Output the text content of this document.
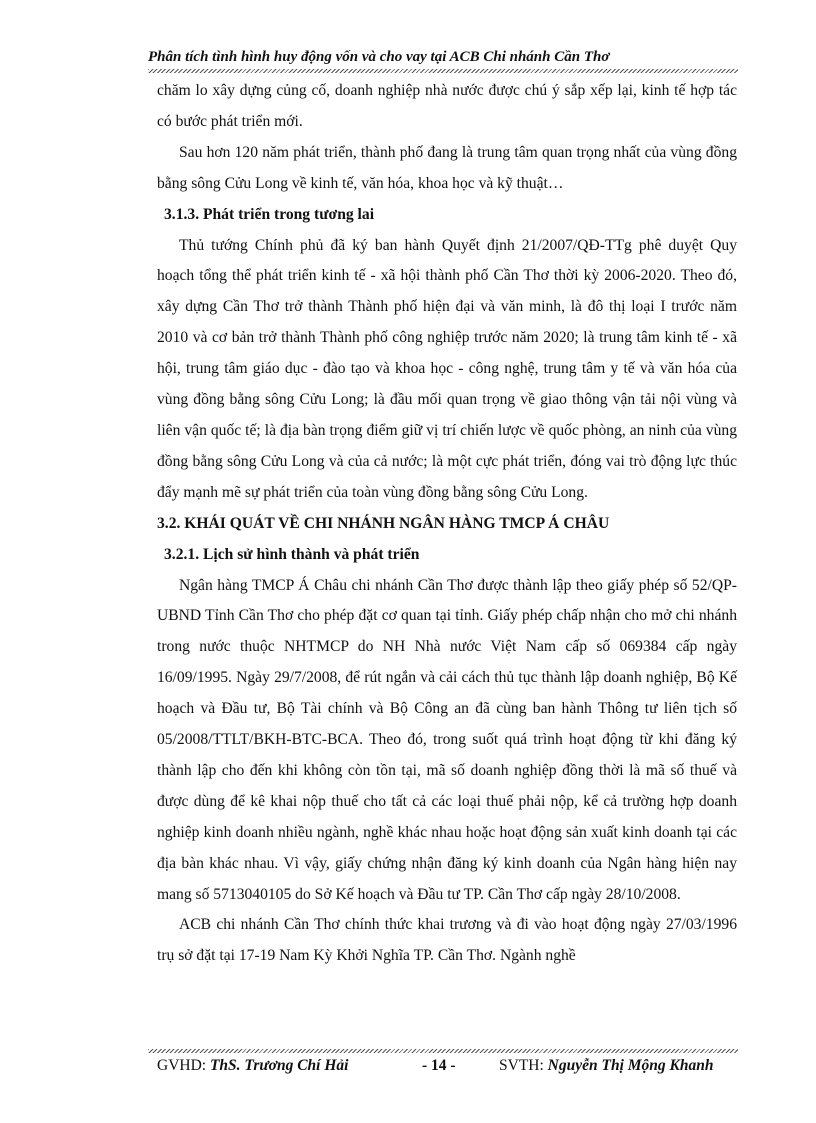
Phân tích tình hình huy động vốn và cho vay tại ACB Chi nhánh Cần Thơ

chăm lo xây dựng củng cố, doanh nghiệp nhà nước được chú ý sắp xếp lại, kinh tế hợp tác có bước phát triển mới.

Sau hơn 120 năm phát triển, thành phố đang là trung tâm quan trọng nhất của vùng đồng bằng sông Cửu Long về kinh tế, văn hóa, khoa học và kỹ thuật…

3.1.3. Phát triển trong tương lai

Thủ tướng Chính phủ đã ký ban hành Quyết định 21/2007/QĐ-TTg phê duyệt Quy hoạch tổng thể phát triển kinh tế - xã hội thành phố Cần Thơ thời kỳ 2006-2020. Theo đó, xây dựng Cần Thơ trở thành Thành phố hiện đại và văn minh, là đô thị loại I trước năm 2010 và cơ bản trở thành Thành phố công nghiệp trước năm 2020; là trung tâm kinh tế - xã hội, trung tâm giáo dục - đào tạo và khoa học - công nghệ, trung tâm y tế và văn hóa của vùng đồng bằng sông Cửu Long; là đầu mối quan trọng về giao thông vận tải nội vùng và liên vận quốc tế; là địa bàn trọng điểm giữ vị trí chiến lược về quốc phòng, an ninh của vùng đồng bằng sông Cửu Long và của cả nước; là một cực phát triển, đóng vai trò động lực thúc đẩy mạnh mẽ sự phát triển của toàn vùng đồng bằng sông Cửu Long.

3.2. KHÁI QUÁT VỀ CHI NHÁNH NGÂN HÀNG TMCP Á CHÂU

3.2.1. Lịch sử hình thành và phát triển

Ngân hàng TMCP Á Châu chi nhánh Cần Thơ được thành lập theo giấy phép số 52/QP-UBND Tỉnh Cần Thơ cho phép đặt cơ quan tại tỉnh. Giấy phép chấp nhận cho mở chi nhánh trong nước thuộc NHTMCP do NH Nhà nước Việt Nam cấp số 069384 cấp ngày 16/09/1995. Ngày 29/7/2008, để rút ngắn và cải cách thủ tục thành lập doanh nghiệp, Bộ Kế hoạch và Đầu tư, Bộ Tài chính và Bộ Công an đã cùng ban hành Thông tư liên tịch số 05/2008/TTLT/BKH-BTC-BCA. Theo đó, trong suốt quá trình hoạt động từ khi đăng ký thành lập cho đến khi không còn tồn tại, mã số doanh nghiệp đồng thời là mã số thuế và được dùng để kê khai nộp thuế cho tất cả các loại thuế phải nộp, kể cả trường hợp doanh nghiệp kinh doanh nhiều ngành, nghề khác nhau hoặc hoạt động sản xuất kinh doanh tại các địa bàn khác nhau. Vì vậy, giấy chứng nhận đăng ký kinh doanh của Ngân hàng hiện nay mang số 5713040105 do Sở Kế hoạch và Đầu tư TP. Cần Thơ cấp ngày 28/10/2008.

ACB chi nhánh Cần Thơ chính thức khai trương và đi vào hoạt động ngày 27/03/1996 trụ sở đặt tại 17-19 Nam Kỳ Khởi Nghĩa TP. Cần Thơ. Ngành nghề

GVHD: ThS. Trương Chí Hải	- 14 -	SVTH: Nguyễn Thị Mộng Khanh
